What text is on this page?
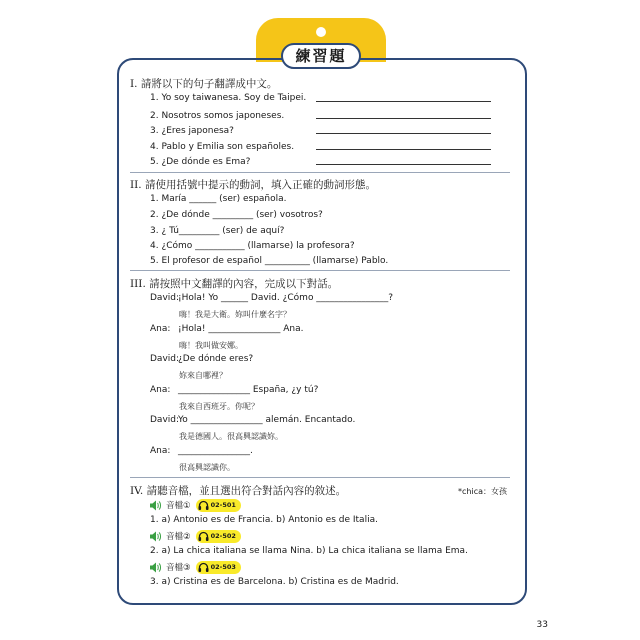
練習題
I. 請將以下的句子翻譯成中文。
1. Yo soy taiwanesa. Soy de Taipei.
2. Nosotros somos japoneses.
3. ¿Eres japonesa?
4. Pablo y Emilia son españoles.
5. ¿De dónde es Ema?
II. 請使用括號中提示的動詞，填入正確的動詞形態。
1. María ______ (ser) española.
2. ¿De dónde _________ (ser) vosotros?
3. ¿ Tú_________ (ser) de aquí?
4. ¿Cómo ___________ (llamarse) la profesora?
5. El profesor de español __________ (llamarse) Pablo.
III. 請按照中文翻譯的內容，完成以下對話。
David:
¡Hola! Yo ______ David. ¿Cómo ________________?
嗨！我是大衛。妳叫什麼名字？
Ana: ¡Hola! ________________ Ana.
嗨！我叫做安娜。
David:
¿De dónde eres?
妳來自哪裡？
Ana: ________________ España, ¿y tú?
我來自西班牙。你呢？
David:
Yo ________________ alemán. Encantado.
我是德國人。很高興認識妳。
Ana: ________________.
很高興認識你。
IV. 請聽音檔，並且選出符合對話內容的敘述。	*chica：女孩
音檔①	02-501
1. a) Antonio es de Francia. b) Antonio es de Italia.
音檔②	02-502
2. a) La chica italiana se llama Nina. b) La chica italiana se llama Ema.
音檔③	02-503
3. a) Cristina es de Barcelona. b) Cristina es de Madrid.
33
